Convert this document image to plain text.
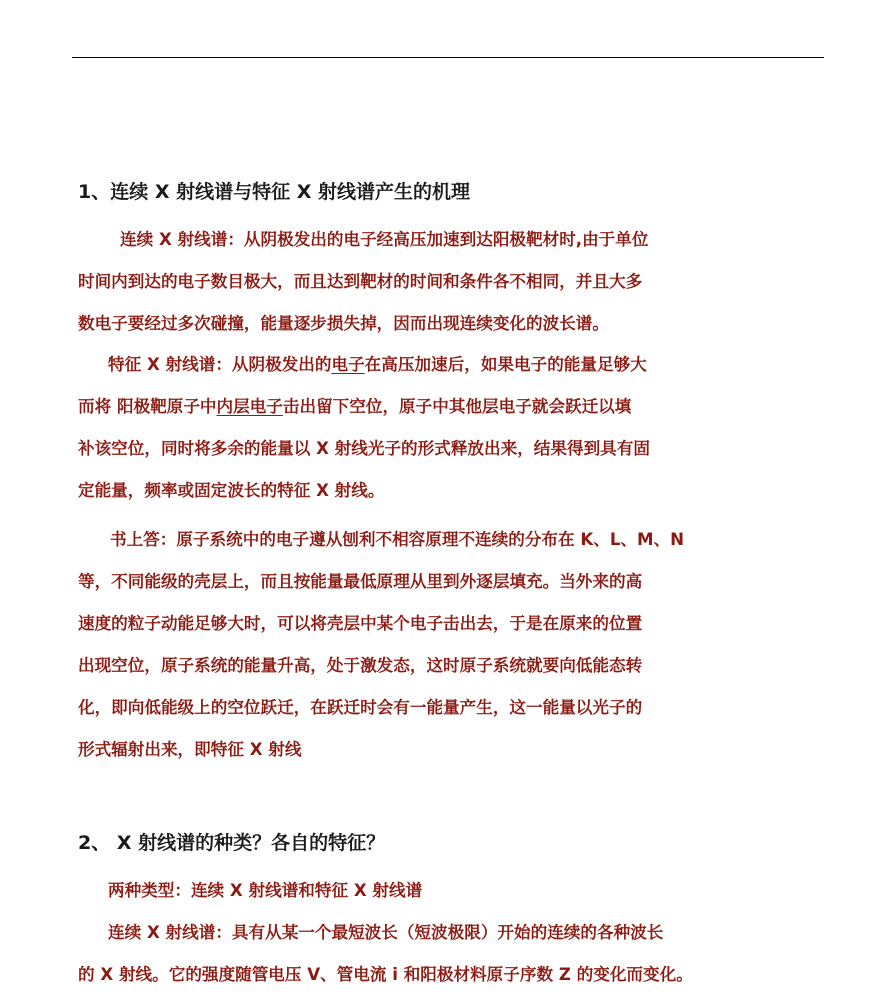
1、连续 X 射线谱与特征 X 射线谱产生的机理
连续 X 射线谱：从阴极发出的电子经高压加速到达阳极靶材时,由于单位
时间内到达的电子数目极大，而且达到靶材的时间和条件各不相同，并且大多
数电子要经过多次碰撞，能量逐步损失掉，因而出现连续变化的波长谱。
特征 X 射线谱：从阴极发出的电子在高压加速后，如果电子的能量足够大
而将 阳极靶原子中内层电子击出留下空位，原子中其他层电子就会跃迁以填
补该空位，同时将多余的能量以 X 射线光子的形式释放出来，结果得到具有固
定能量，频率或固定波长的特征 X 射线。
书上答：原子系统中的电子遵从刨利不相容原理不连续的分布在 K、L、M、N
等，不同能级的壳层上，而且按能量最低原理从里到外逐层填充。当外来的高
速度的粒子动能足够大时，可以将壳层中某个电子击出去，于是在原来的位置
出现空位，原子系统的能量升高，处于激发态，这时原子系统就要向低能态转
化，即向低能级上的空位跃迁，在跃迁时会有一能量产生，这一能量以光子的
形式辐射出来，即特征 X 射线
2、 X 射线谱的种类？各自的特征？
两种类型：连续 X 射线谱和特征 X 射线谱
连续 X 射线谱：具有从某一个最短波长（短波极限）开始的连续的各种波长
的 X 射线。它的强度随管电压 V、管电流 i 和阳极材料原子序数 Z 的变化而变化。
